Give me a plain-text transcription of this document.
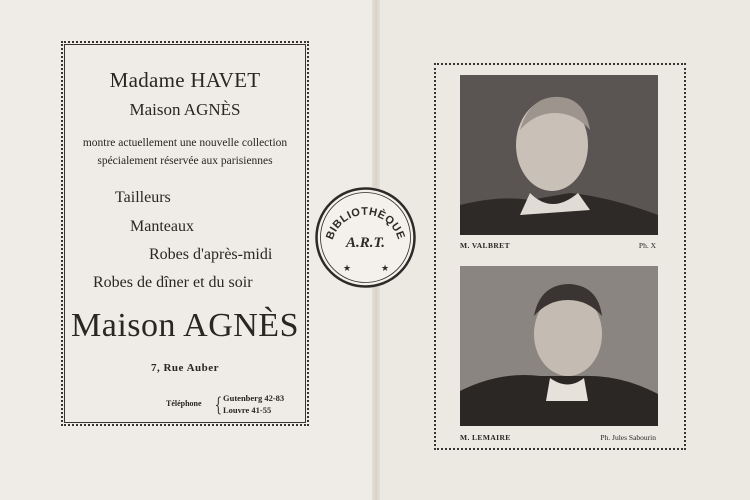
Madame HAVET
Maison AGNÈS
montre actuellement une nouvelle collection
spécialement réservée aux parisiennes
Tailleurs
Manteaux
Robes d'après-midi
Robes de dîner et du soir
Maison AGNÈS
7, Rue Auber
Téléphone { Gutenberg 42-83
Louvre 41-55
BIBLIOTHÈQUE
A.R.T.
★	★
M. VALBRET	Ph. X
M. LEMAIRE	Ph. Jules Sabourin
